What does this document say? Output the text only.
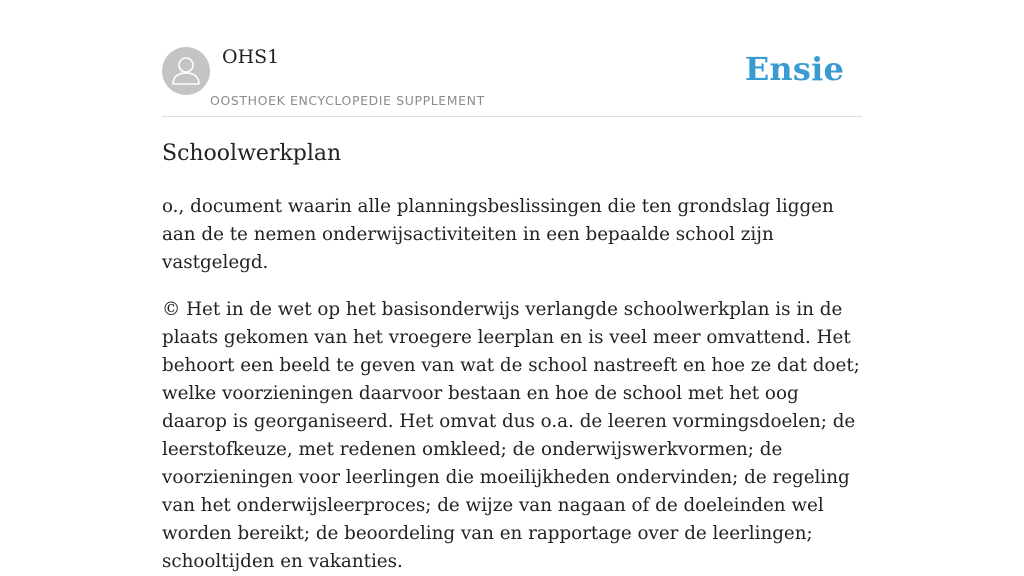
OHS1
OOSTHOEK ENCYCLOPEDIE SUPPLEMENT
Ensie
Schoolwerkplan

o., document waarin alle planningsbeslissingen die ten grondslag liggen aan de te nemen onderwijsactiviteiten in een bepaalde school zijn vastgelegd.

© Het in de wet op het basisonderwijs verlangde schoolwerkplan is in de plaats gekomen van het vroegere leerplan en is veel meer omvattend. Het behoort een beeld te geven van wat de school nastreeft en hoe ze dat doet; welke voorzieningen daarvoor bestaan en hoe de school met het oog daarop is georganiseerd. Het omvat dus o.a. de leeren vormingsdoelen; de leerstofkeuze, met redenen omkleed; de onderwijswerkvormen; de voorzieningen voor leerlingen die moeilijkheden ondervinden; de regeling van het onderwijsleerproces; de wijze van nagaan of de doeleinden wel worden bereikt; de beoordeling van en rapportage over de leerlingen; schooltijden en vakanties.
